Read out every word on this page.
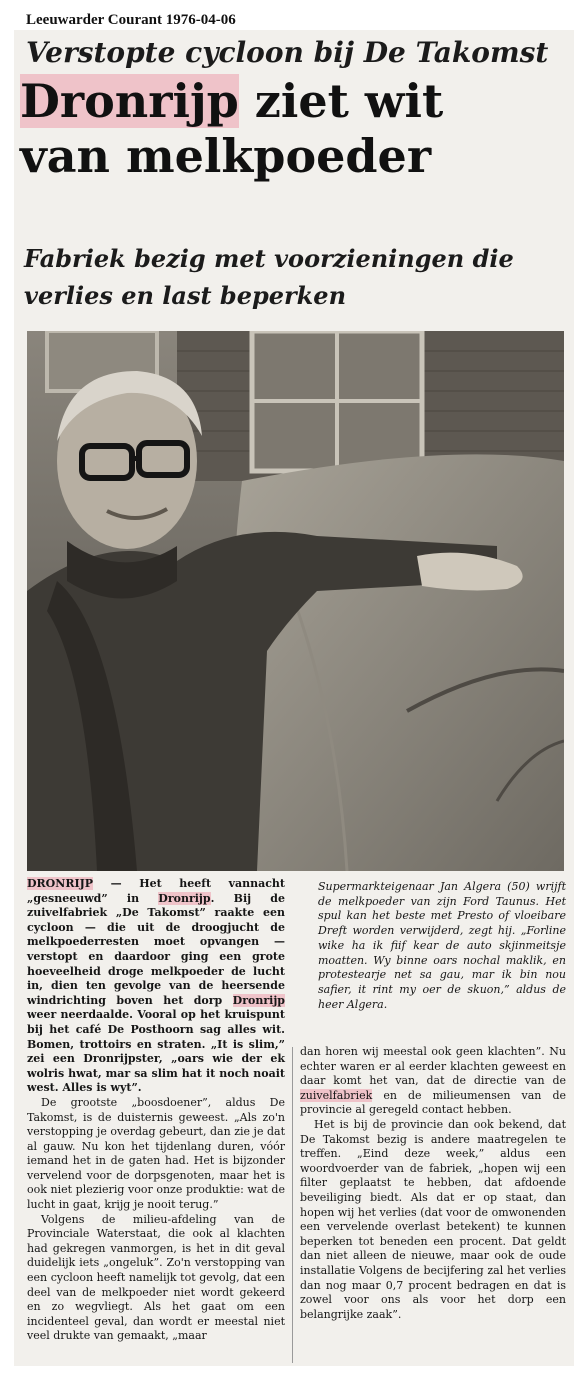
Leeuwarder Courant 1976-04-06
Verstopte cycloon bij De Takomst
Dronrijp ziet wit
van melkpoeder
Fabriek bezig met voorzieningen die verlies en last beperken

DRONRIJP — Het heeft vannacht „gesneeuwd” in Dronrijp. Bij de zuivelfabriek „De Takomst” raakte een cycloon — die uit de droogjucht de melkpoederresten moet opvangen — verstopt en daardoor ging een grote hoeveelheid droge melkpoeder de lucht in, dien ten gevolge van de heersende windrichting boven het dorp Dronrijp weer neerdaalde. Vooral op het kruispunt bij het café De Posthoorn sag alles wit. Bomen, trottoirs en straten. „It is slim,” zei een Dronrijpster, „oars wie der ek wolris hwat, mar sa slim hat it noch noait west. Alles is wyt”.

De grootste „boosdoener”, aldus De Takomst, is de duisternis geweest. „Als zo'n verstopping je overdag gebeurt, dan zie je dat al gauw. Nu kon het tijdenlang duren, vóór iemand het in de gaten had. Het is bijzonder vervelend voor de dorpsgenoten, maar het is ook niet plezierig voor onze produktie: wat de lucht in gaat, krijg je nooit terug.”

Volgens de milieu-afdeling van de Provinciale Waterstaat, die ook al klachten had gekregen vanmorgen, is het in dit geval duidelijk iets „ongeluk”. Zo'n verstopping van een cycloon heeft namelijk tot gevolg, dat een deel van de melkpoeder niet wordt gekeerd en zo wegvliegt. Als het gaat om een incidenteel geval, dan wordt er meestal niet veel drukte van gemaakt, „maar

Supermarkteigenaar Jan Algera (50) wrijft de melkpoeder van zijn Ford Taunus. Het spul kan het beste met Presto of vloeibare Dreft worden verwijderd, zegt hij. „Forline wike ha ik fiif kear de auto skjinmeitsje moatten. Wy binne oars nochal maklik, en protestearje net sa gau, mar ik bin nou safier, it rint my oer de skuon,” aldus de heer Algera.

dan horen wij meestal ook geen klachten”. Nu echter waren er al eerder klachten geweest en daar komt het van, dat de directie van de zuivelfabriek en de milieumensen van de provincie al geregeld contact hebben.

Het is bij de provincie dan ook bekend, dat De Takomst bezig is andere maatregelen te treffen. „Eind deze week,” aldus een woordvoerder van de fabriek, „hopen wij een filter geplaatst te hebben, dat afdoende beveiliging biedt. Als dat er op staat, dan hopen wij het verlies (dat voor de omwonenden een vervelende overlast betekent) te kunnen beperken tot beneden een procent. Dat geldt dan niet alleen de nieuwe, maar ook de oude installatie Volgens de becijfering zal het verlies dan nog maar 0,7 procent bedragen en dat is zowel voor ons als voor het dorp een belangrijke zaak”.
